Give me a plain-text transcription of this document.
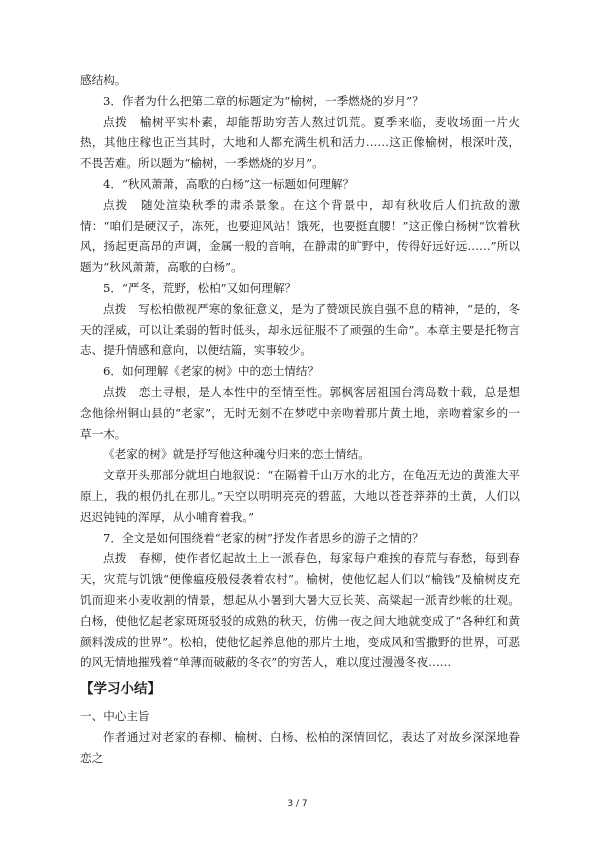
感结构。

3．作者为什么把第二章的标题定为“榆树，一季燃烧的岁月”？

点拨　榆树平实朴素，却能帮助穷苦人熬过饥荒。夏季来临，麦收场面一片火热，其他庄稼也正当其时，大地和人都充满生机和活力……这正像榆树，根深叶茂，不畏苦难。所以题为“榆树，一季燃烧的岁月”。

4．“秋风萧萧，高歌的白杨”这一标题如何理解？

点拨　随处渲染秋季的肃杀景象。在这个背景中，却有秋收后人们抗敌的激情：“咱们是硬汉子，冻死，也要迎风站！饿死，也要挺直腰！”这正像白杨树“饮着秋风，扬起更高昂的声调，金属一般的音响，在静肃的旷野中，传得好远好远……”所以题为“秋风萧萧，高歌的白杨”。

5．“严冬，荒野，松柏”又如何理解？

点拨　写松柏傲视严寒的象征意义，是为了赞颂民族自强不息的精神，“是的，冬天的淫威，可以让柔弱的暂时低头，却永远征服不了顽强的生命”。本章主要是托物言志、提升情感和意向，以便结篇，实事较少。

6．如何理解《老家的树》中的恋土情结？

点拨　恋土寻根，是人本性中的至情至性。郭枫客居祖国台湾岛数十载，总是想念他徐州铜山县的“老家”，无时无刻不在梦呓中亲吻着那片黄土地，亲吻着家乡的一草一木。

《老家的树》就是抒写他这种魂兮归来的恋土情结。

文章开头那部分就坦白地叙说：“在隔着千山万水的北方，在龟冱无边的黄淮大平原上，我的根仍扎在那儿。”天空以明明亮亮的碧蓝，大地以苍苍莽莽的土黄，人们以迟迟钝钝的浑厚，从小哺育着我。”

7．全文是如何围绕着“老家的树”抒发作者思乡的游子之情的？

点拨　春柳，使作者忆起故土上一派春色，每家每户难挨的春荒与春愁，每到春天，灾荒与饥饿“便像瘟疫般侵袭着农村”。榆树，使他忆起人们以“榆钱”及榆树皮充饥而迎来小麦收割的情景，想起从小暑到大暑大豆长荚、高粱起一派青纱帐的壮观。白杨，使他忆起老家斑斑驳驳的成熟的秋天，仿佛一夜之间大地就变成了“各种红和黄颜料泼成的世界”。松柏，使他忆起养息他的那片土地，变成风和雪撒野的世界，可恶的风无情地摧残着“单薄而破蔽的冬衣”的穷苦人，难以度过漫漫冬夜……

【学习小结】

一、中心主旨

作者通过对老家的春柳、榆树、白杨、松柏的深情回忆，表达了对故乡深深地眷恋之

3 / 7
